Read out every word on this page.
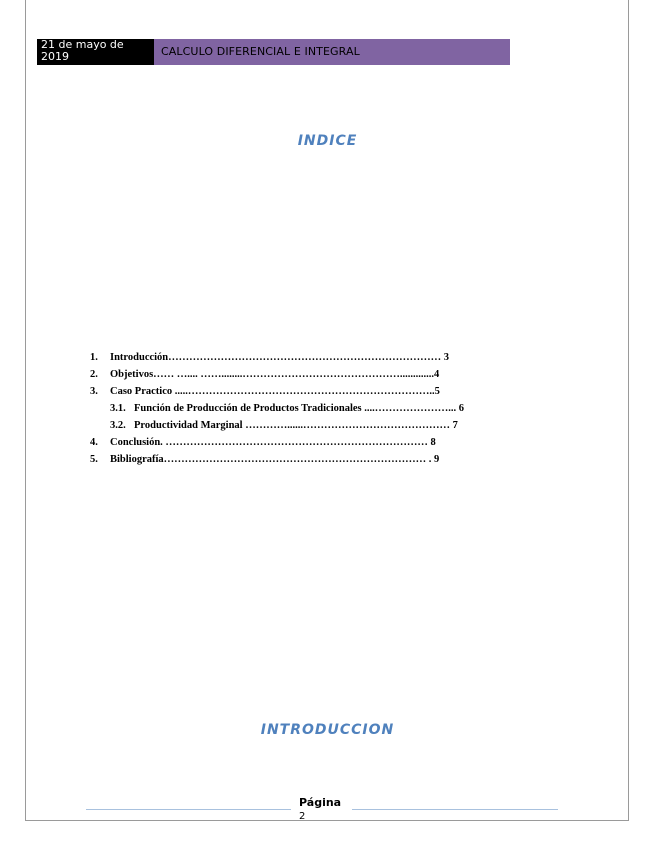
21 de mayo de 2019	CALCULO DIFERENCIAL E INTEGRAL
INDICE
1. Introducción…………………………………………………………………… 3
2. Objetivos…… ….... ……........……………………………………….............4
3. Caso Practico .....……………………………………………………………..5
3.1. Función de Producción de Productos Tradicionales ....…………………... 6
3.2. Productividad Marginal …………......…………………………………… 7
4. Conclusión. ………………………………………………………………… 8
5. Bibliografía………………………………………………………………… . 9
INTRODUCCION
Página
2
